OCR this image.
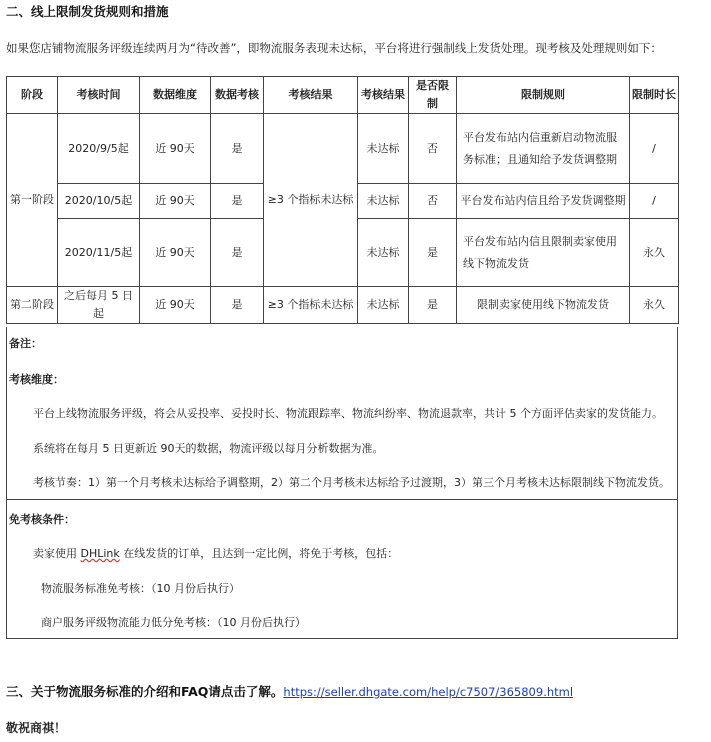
二、线上限制发货规则和措施
如果您店铺物流服务评级连续两月为“待改善”，即物流服务表现未达标，平台将进行强制线上发货处理。现考核及处理规则如下：
阶段	考核时间	数据维度	数据考核	考核结果	考核结果	是否限制	限制规则	限制时长
第一阶段	2020/9/5起	近 90天	是	≥3 个指标未达标	未达标	否	平台发布站内信重新启动物流服务标准；且通知给予发货调整期	/
	2020/10/5起	近 90天	是		未达标	否	平台发布站内信且给予发货调整期	/
	2020/11/5起	近 90天	是		未达标	是	平台发布站内信且限制卖家使用线下物流发货	永久
第二阶段	之后每月 5 日起	近 90天	是	≥3 个指标未达标	未达标	是	限制卖家使用线下物流发货	永久
备注：
考核维度：
平台上线物流服务评级，将会从妥投率、妥投时长、物流跟踪率、物流纠纷率、物流退款率，共计 5 个方面评估卖家的发货能力。
系统将在每月 5 日更新近 90天的数据，物流评级以每月分析数据为准。
考核节奏：1）第一个月考核未达标给予调整期，2）第二个月考核未达标给予过渡期，3）第三个月考核未达标限制线下物流发货。
免考核条件：
卖家使用 DHLink 在线发货的订单，且达到一定比例，将免于考核，包括：
物流服务标准免考核：（10 月份后执行）
商户服务评级物流能力低分免考核：（10 月份后执行）
三、关于物流服务标准的介绍和FAQ请点击了解。https://seller.dhgate.com/help/c7507/365809.html
敬祝商祺！
